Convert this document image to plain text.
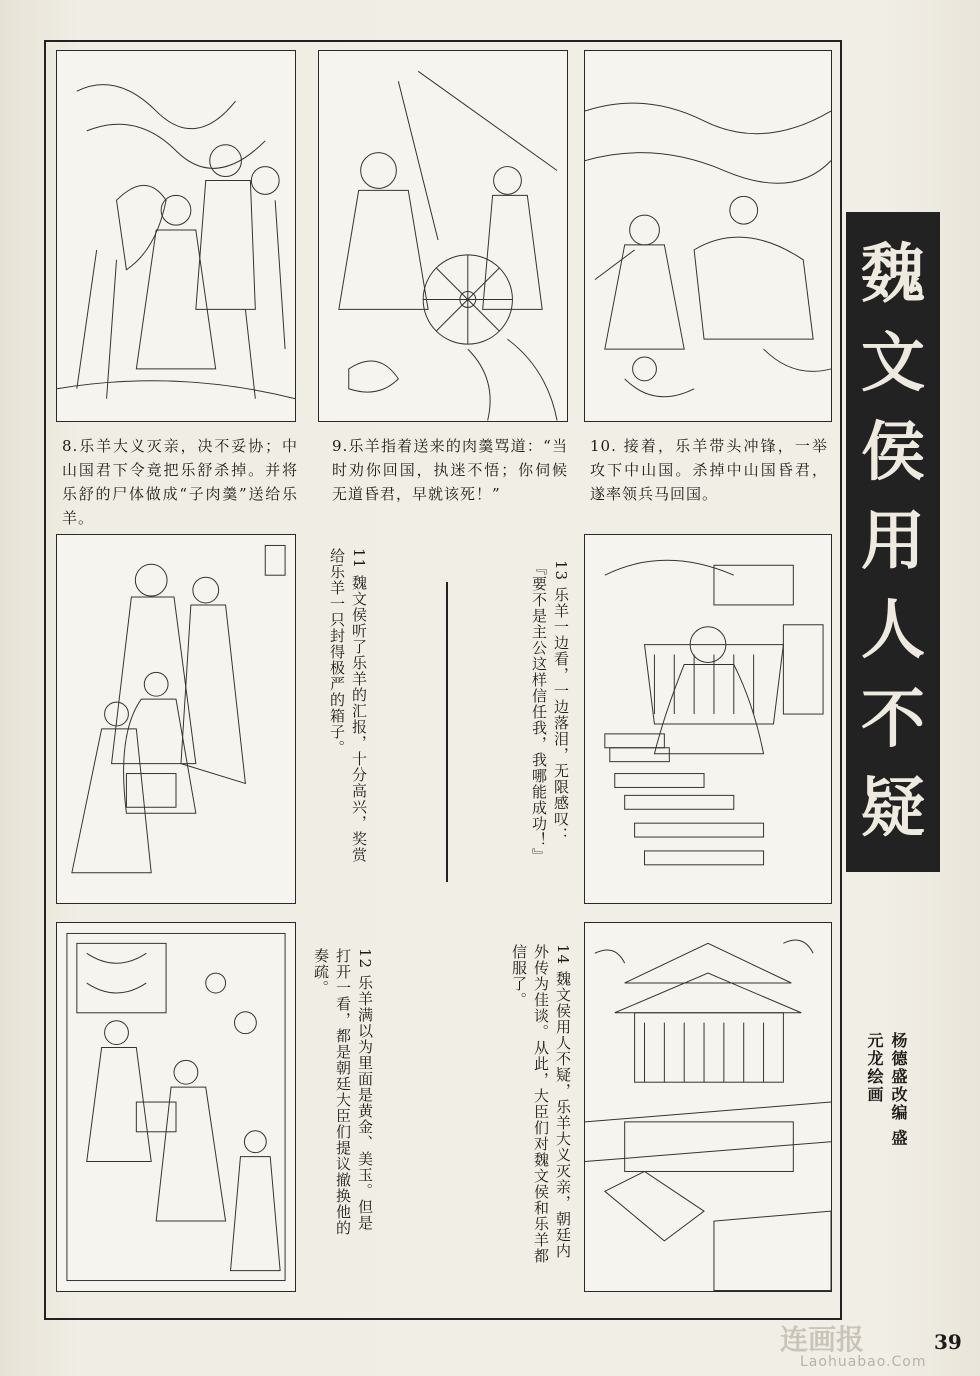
8.乐羊大义灭亲，决不妥协；中山国君下令竟把乐舒杀掉。并将乐舒的尸体做成“子肉羹”送给乐羊。
9.乐羊指着送来的肉羹骂道：“当时劝你回国，执迷不悟；你伺候无道昏君，早就该死！”
10. 接着，乐羊带头冲锋，一举攻下中山国。杀掉中山国昏君，遂率领兵马回国。
11 魏文侯听了乐羊的汇报，十分高兴，奖赏给乐羊一只封得极严的箱子。	13 乐羊一边看，一边落泪，无限感叹：『要不是主公这样信任我，我哪能成功！』
12 乐羊满以为里面是黄金、美玉。但是打开一看，都是朝廷大臣们提议撤换他的奏疏。	14 魏文侯用人不疑，乐羊大义灭亲，朝廷内外传为佳谈。从此，大臣们对魏文侯和乐羊都信服了。
魏
文
侯
用
人
不
疑
杨德盛改编 盛元龙绘画
连画报	39
Laohuabao.Com
